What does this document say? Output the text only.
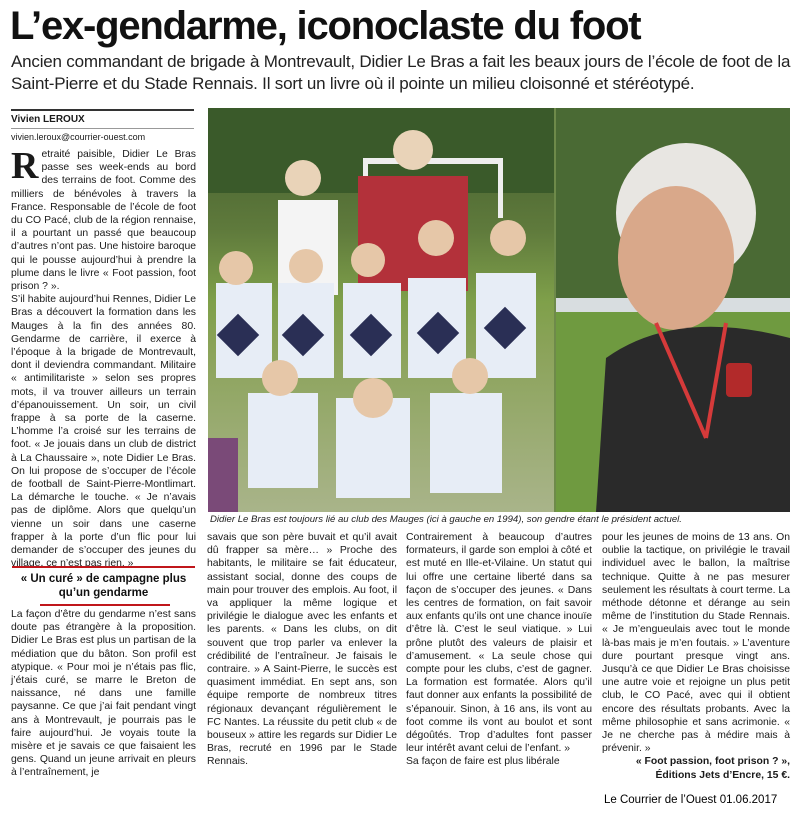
L’ex-gendarme, iconoclaste du foot
Ancien commandant de brigade à Montrevault, Didier Le Bras a fait les beaux jours de l’école de foot de la Saint-Pierre et du Stade Rennais. Il sort un livre où il pointe un milieu cloisonné et stéréotypé.
Vivien LEROUX
vivien.leroux@courrier-ouest.com
R etraité paisible, Didier Le Bras passe ses week-ends au bord des terrains de foot. Comme des milliers de bénévoles à travers la France. Responsable de l’école de foot du CO Pacé, club de la région rennaise, il a pourtant un passé que beaucoup d’autres n’ont pas. Une histoire baroque qui le pousse aujourd’hui à prendre la plume dans le livre « Foot passion, foot prison ? ».

S’il habite aujourd’hui Rennes, Didier Le Bras a découvert la formation dans les Mauges à la fin des années 80. Gendarme de carrière, il exerce à l’époque à la brigade de Montrevault, dont il deviendra commandant. Militaire « antimilitariste » selon ses propres mots, il va trouver ailleurs un terrain d’épanouissement. Un soir, un civil frappe à sa porte de la caserne. L’homme l’a croisé sur les terrains de foot. « Je jouais dans un club de district à La Chaussaire », note Didier Le Bras. On lui propose de s’occuper de l’école de football de Saint-Pierre-Montlimart. La démarche le touche. « Je n’avais pas de diplôme. Alors que quelqu’un vienne un soir dans une caserne frapper à la porte d’un flic pour lui demander de s’occuper des jeunes du village, ce n’est pas rien. »

« Un curé » de campagne plus qu’un gendarme

La façon d’être du gendarme n’est sans doute pas étrangère à la proposition. Didier Le Bras est plus un partisan de la médiation que du bâton. Son profil est atypique. « Pour moi je n’étais pas flic, j’étais curé, se marre le Breton de naissance, né dans une famille paysanne. Ce que j’ai fait pendant vingt ans à Montrevault, je pourrais pas le faire aujourd’hui. Je voyais toute la misère et je savais ce que faisaient les gens. Quand un jeune arrivait en pleurs à l’entraînement, je

Didier Le Bras est toujours lié au club des Mauges (ici à gauche en 1994), son gendre étant le président actuel.

savais que son père buvait et qu’il avait dû frapper sa mère… » Proche des habitants, le militaire se fait éducateur, assistant social, donne des coups de main pour trouver des emplois. Au foot, il va appliquer la même logique et privilégie le dialogue avec les enfants et les parents. « Dans les clubs, on dit souvent que trop parler va enlever la crédibilité de l’entraîneur. Je faisais le contraire. » A Saint-Pierre, le succès est quasiment immédiat. En sept ans, son équipe remporte de nombreux titres régionaux devançant régulièrement le FC Nantes. La réussite du petit club « de bouseux » attire les regards sur Didier Le Bras, recruté en 1996 par le Stade Rennais.

Contrairement à beaucoup d’autres formateurs, il garde son emploi à côté et est muté en Ille-et-Vilaine. Un statut qui lui offre une certaine liberté dans sa façon de s’occuper des jeunes. « Dans les centres de formation, on fait savoir aux enfants qu’ils ont une chance inouïe d’être là. C’est le seul viatique. » Lui prône plutôt des valeurs de plaisir et d’amusement. « La seule chose qui compte pour les clubs, c’est de gagner. La formation est formatée. Alors qu’il faut donner aux enfants la possibilité de s’épanouir. Sinon, à 16 ans, ils vont au foot comme ils vont au boulot et sont dégoûtés. Trop d’adultes font passer leur intérêt avant celui de l’enfant. »

Sa façon de faire est plus libérale

pour les jeunes de moins de 13 ans. On oublie la tactique, on privilégie le travail individuel avec le ballon, la maîtrise technique. Quitte à ne pas mesurer seulement les résultats à court terme. La méthode détonne et dérange au sein même de l’institution du Stade Rennais. « Je m’engueulais avec tout le monde là-bas mais je m’en foutais. » L’aventure dure pourtant presque vingt ans. Jusqu’à ce que Didier Le Bras choisisse une autre voie et rejoigne un plus petit club, le CO Pacé, avec qui il obtient encore des résultats probants. Avec la même philosophie et sans acrimonie. « Je ne cherche pas à médire mais à prévenir. »

« Foot passion, foot prison ? »,

Éditions Jets d’Encre, 15 €.

Le Courrier de l’Ouest 01.06.2017
